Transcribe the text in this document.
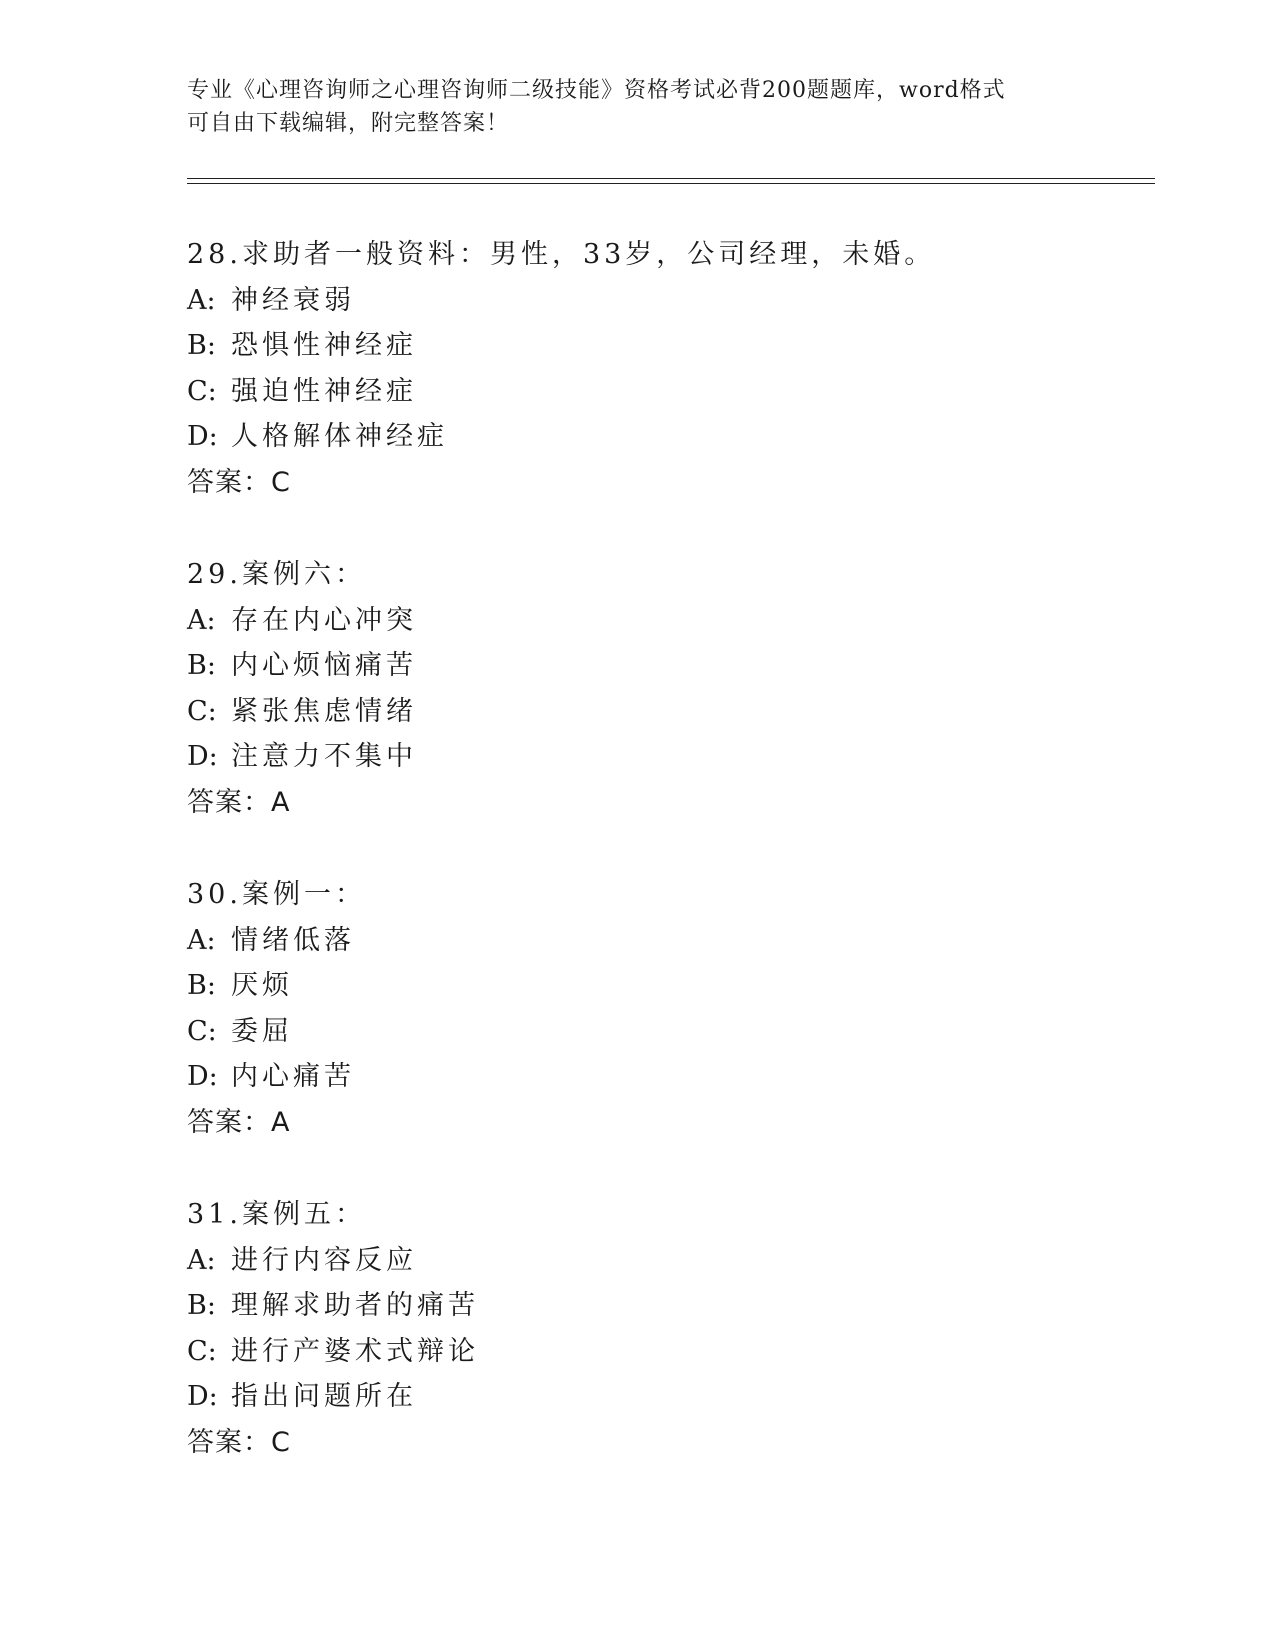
专业《心理咨询师之心理咨询师二级技能》资格考试必背200题题库，word格式
可自由下载编辑，附完整答案！
28.求助者一般资料：男性，33岁，公司经理，未婚。
A: 神经衰弱
B: 恐惧性神经症
C: 强迫性神经症
D: 人格解体神经症
答案：C
29.案例六：
A: 存在内心冲突
B: 内心烦恼痛苦
C: 紧张焦虑情绪
D: 注意力不集中
答案：A
30.案例一：
A: 情绪低落
B: 厌烦
C: 委屈
D: 内心痛苦
答案：A
31.案例五：
A: 进行内容反应
B: 理解求助者的痛苦
C: 进行产婆术式辩论
D: 指出问题所在
答案：C
